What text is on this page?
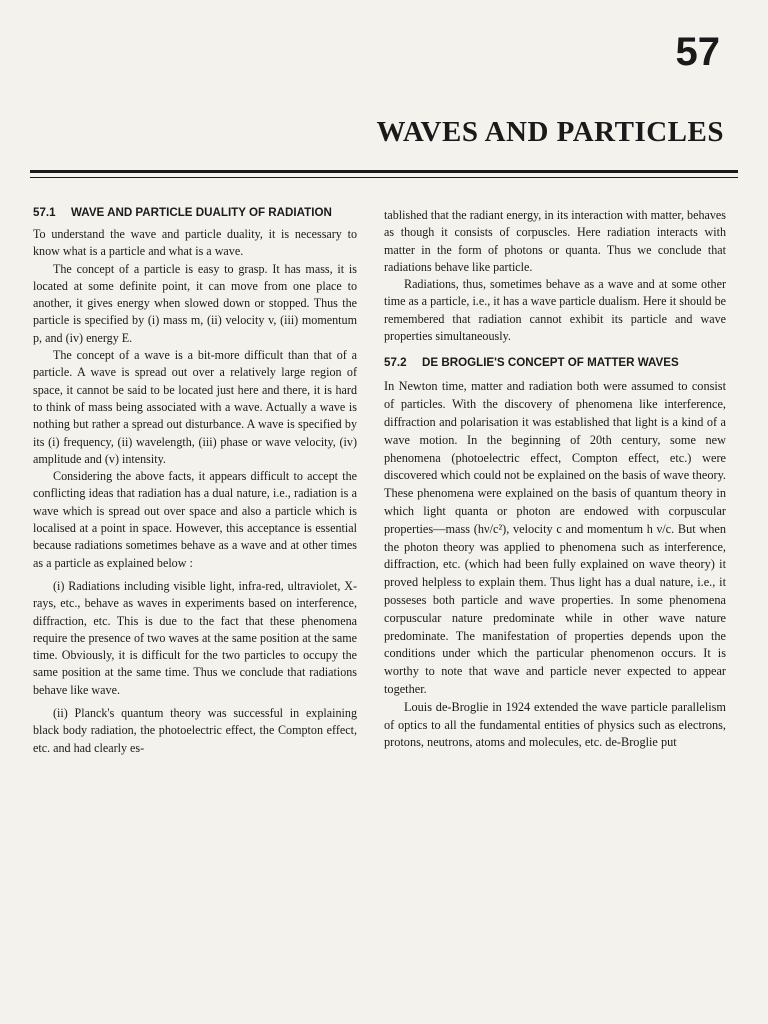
57
WAVES AND PARTICLES
57.1	WAVE AND PARTICLE DUALITY OF RADIATION

To understand the wave and particle duality, it is necessary to know what is a particle and what is a wave.

The concept of a particle is easy to grasp. It has mass, it is located at some definite point, it can move from one place to another, it gives energy when slowed down or stopped. Thus the particle is specified by (i) mass m, (ii) velocity v, (iii) momentum p, and (iv) energy E.

The concept of a wave is a bit-more difficult than that of a particle. A wave is spread out over a relatively large region of space, it cannot be said to be located just here and there, it is hard to think of mass being associated with a wave. Actually a wave is nothing but rather a spread out disturbance. A wave is specified by its (i) frequency, (ii) wavelength, (iii) phase or wave velocity, (iv) amplitude and (v) intensity.

Considering the above facts, it appears difficult to accept the conflicting ideas that radiation has a dual nature, i.e., radiation is a wave which is spread out over space and also a particle which is localised at a point in space. However, this acceptance is essential because radiations sometimes behave as a wave and at other times as a particle as explained below :

(i) Radiations including visible light, infra-red, ultraviolet, X-rays, etc., behave as waves in experiments based on interference, diffraction, etc. This is due to the fact that these phenomena require the presence of two waves at the same position at the same time. Obviously, it is difficult for the two particles to occupy the same position at the same time. Thus we conclude that radiations behave like wave.

(ii) Planck's quantum theory was successful in explaining black body radiation, the photoelectric effect, the Compton effect, etc. and had clearly es-

tablished that the radiant energy, in its interaction with matter, behaves as though it consists of corpuscles. Here radiation interacts with matter in the form of photons or quanta. Thus we conclude that radiations behave like particle.

Radiations, thus, sometimes behave as a wave and at some other time as a particle, i.e., it has a wave particle dualism. Here it should be remembered that radiation cannot exhibit its particle and wave properties simultaneously.

57.2	DE BROGLIE'S CONCEPT OF MATTER WAVES

In Newton time, matter and radiation both were assumed to consist of particles. With the discovery of phenomena like interference, diffraction and polarisation it was established that light is a kind of a wave motion. In the beginning of 20th century, some new phenomena (photoelectric effect, Compton effect, etc.) were discovered which could not be explained on the basis of wave theory. These phenomena were explained on the basis of quantum theory in which light quanta or photon are endowed with corpuscular properties—mass (hν/c²), velocity c and momentum h ν/c. But when the photon theory was applied to phenomena such as interference, diffraction, etc. (which had been fully explained on wave theory) it proved helpless to explain them. Thus light has a dual nature, i.e., it posseses both particle and wave properties. In some phenomena corpuscular nature predominate while in other wave nature predominate. The manifestation of properties depends upon the conditions under which the particular phenomenon occurs. It is worthy to note that wave and particle never expected to appear together.

Louis de-Broglie in 1924 extended the wave particle parallelism of optics to all the fundamental entities of physics such as electrons, protons, neutrons, atoms and molecules, etc. de-Broglie put
